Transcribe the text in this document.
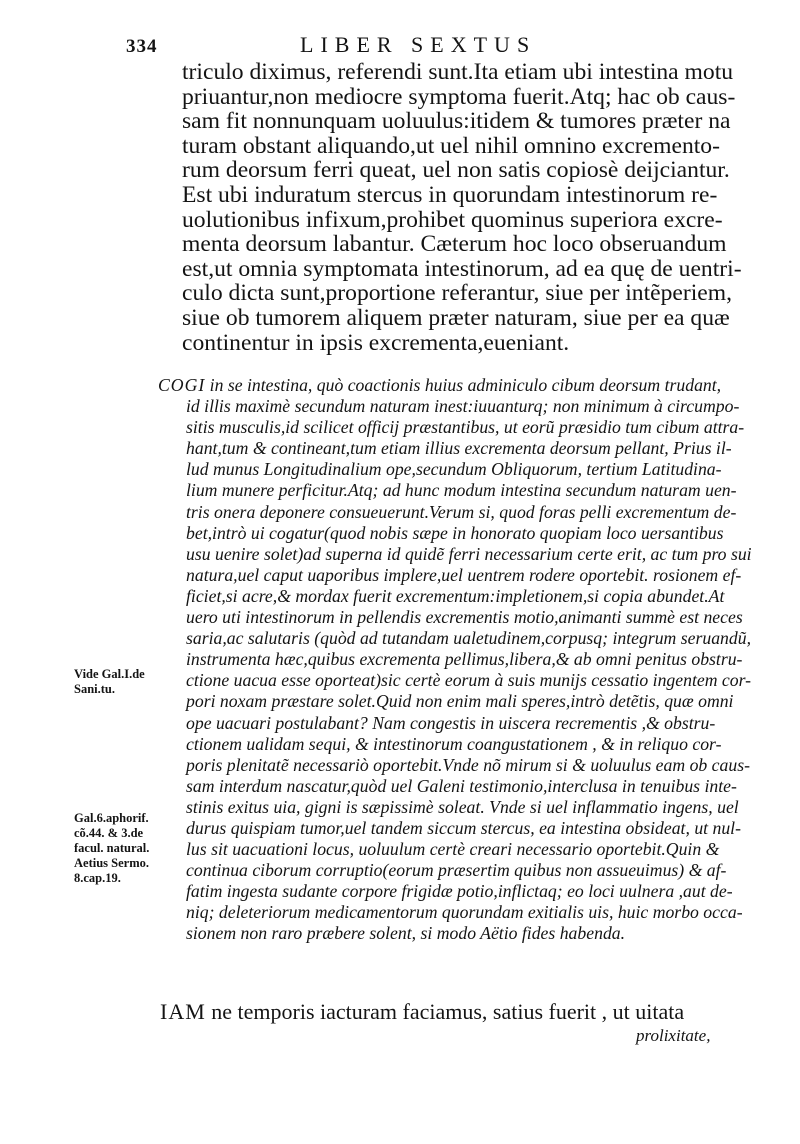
334	LIBER SEXTUS
triculo diximus, referendi sunt.Ita etiam ubi intestina motu
priuantur,non mediocre symptoma fuerit.Atq; hac ob caus-
sam fit nonnunquam uoluulus:itidem & tumores præter na
turam obstant aliquando,ut uel nihil omnino excremento-
rum deorsum ferri queat, uel non satis copiosè deijciantur.
Est ubi induratum stercus in quorundam intestinorum re-
uolutionibus infixum,prohibet quominus superiora excre-
menta deorsum labantur. Cæterum hoc loco obseruandum
est,ut omnia symptomata intestinorum, ad ea quę de uentri-
culo dicta sunt,proportione referantur, siue per intẽperiem,
siue ob tumorem aliquem præter naturam, siue per ea quæ
continentur in ipsis excrementa,eueniant.
COGI in se intestina, quò coactionis huius adminiculo cibum deorsum trudant,
id illis maximè secundum naturam inest:iuuanturq; non minimum à circumpo-
sitis musculis,id scilicet officij præstantibus, ut eorũ præsidio tum cibum attra-
hant,tum & contineant,tum etiam illius excrementa deorsum pellant, Prius il-
lud munus Longitudinalium ope,secundum Obliquorum, tertium Latitudina-
lium munere perficitur.Atq; ad hunc modum intestina secundum naturam uen-
tris onera deponere consueuerunt.Verum si, quod foras pelli excrementum de-
bet,intrò ui cogatur(quod nobis sæpe in honorato quopiam loco uersantibus
usu uenire solet)ad superna id quidẽ ferri necessarium certe erit, ac tum pro sui
natura,uel caput uaporibus implere,uel uentrem rodere oportebit. rosionem ef-
ficiet,si acre,& mordax fuerit excrementum:impletionem,si copia abundet.At
uero uti intestinorum in pellendis excrementis motio,animanti summè est neces
saria,ac salutaris (quòd ad tutandam ualetudinem,corpusq; integrum seruandũ,
instrumenta hæc,quibus excrementa pellimus,libera,& ab omni penitus obstru-
ctione uacua esse oporteat)sic certè eorum à suis munijs cessatio ingentem cor-
pori noxam præstare solet.Quid non enim mali speres,intrò detẽtis, quæ omni
ope uacuari postulabant? Nam congestis in uiscera recrementis ,& obstru-
ctionem ualidam sequi, & intestinorum coangustationem , & in reliquo cor-
poris plenitatẽ necessariò oportebit.Vnde nõ mirum si & uoluulus eam ob caus-
sam interdum nascatur,quòd uel Galeni testimonio,interclusa in tenuibus inte-
stinis exitus uia, gigni is sæpissimè soleat. Vnde si uel inflammatio ingens, uel
durus quispiam tumor,uel tandem siccum stercus, ea intestina obsideat, ut nul-
lus sit uacuationi locus, uoluulum certè creari necessario oportebit.Quin &
continua ciborum corruptio(eorum præsertim quibus non assueuimus) & af-
fatim ingesta sudante corpore frigidæ potio,inflictaq; eo loci uulnera ,aut de-
niq; deleteriorum medicamentorum quorundam exitialis uis, huic morbo occa-
sionem non raro præbere solent, si modo Aëtio fides habenda.
Vide Gal.I.de
Sani.tu.
Gal.6.aphorif.
cõ.44. & 3.de
facul. natural.
Aetius Sermo.
8.cap.19.
IAM ne temporis iacturam faciamus, satius fuerit , ut uitata
prolixitate,
